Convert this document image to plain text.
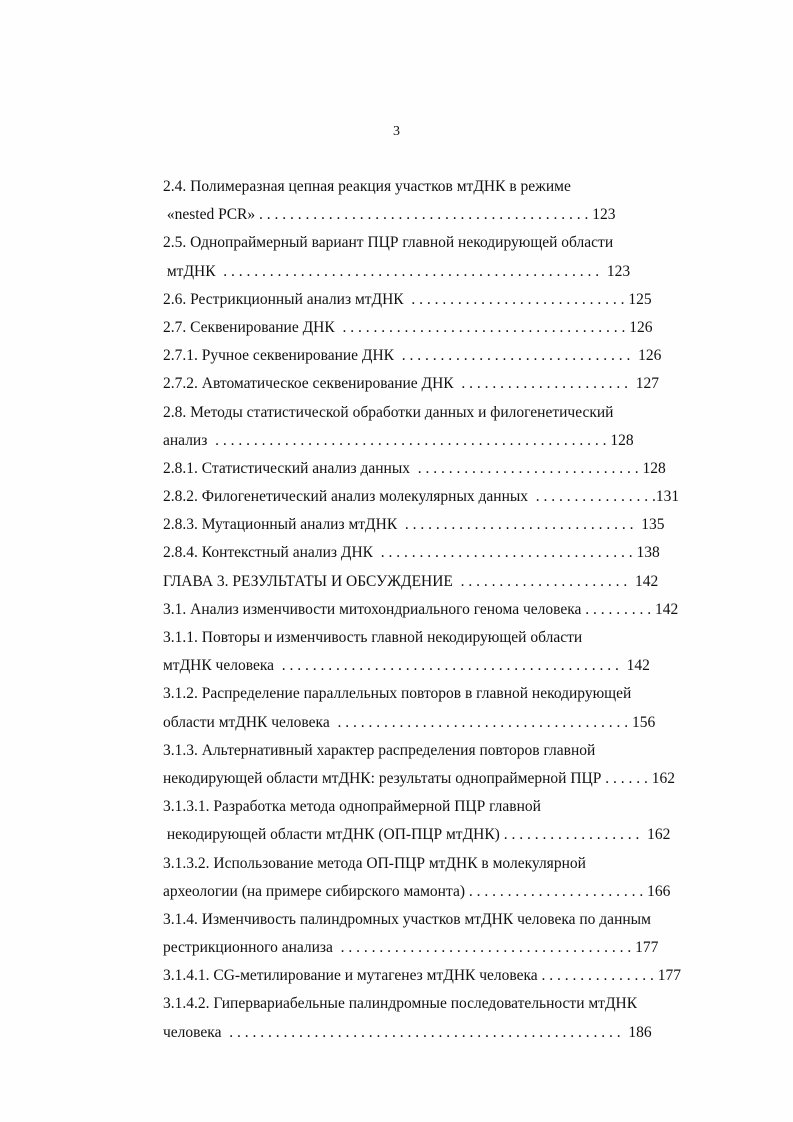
3
2.4. Полимеразная цепная реакция участков мтДНК в режиме
«nested PCR» . . . . . . . . . . . . . . . . . . . . . . . . . . . . . . . . . . . . . . . . . . . 123
2.5. Однопраймерный вариант ПЦР главной некодирующей области
мтДНК  . . . . . . . . . . . . . . . . . . . . . . . . . . . . . . . . . . . . . . . . . . . . . . . . .  123
2.6. Рестрикционный анализ мтДНК  . . . . . . . . . . . . . . . . . . . . . . . . . . . . 125
2.7. Секвенирование ДНК  . . . . . . . . . . . . . . . . . . . . . . . . . . . . . . . . . . . . . 126
2.7.1. Ручное секвенирование ДНК  . . . . . . . . . . . . . . . . . . . . . . . . . . . . . .  126
2.7.2. Автоматическое секвенирование ДНК  . . . . . . . . . . . . . . . . . . . . . .  127
2.8. Методы статистической обработки данных и филогенетический
анализ  . . . . . . . . . . . . . . . . . . . . . . . . . . . . . . . . . . . . . . . . . . . . . . . . . . . 128
2.8.1. Статистический анализ данных  . . . . . . . . . . . . . . . . . . . . . . . . . . . . . 128
2.8.2. Филогенетический анализ молекулярных данных  . . . . . . . . . . . . . . . .131
2.8.3. Мутационный анализ мтДНК  . . . . . . . . . . . . . . . . . . . . . . . . . . . . . .  135
2.8.4. Контекстный анализ ДНК  . . . . . . . . . . . . . . . . . . . . . . . . . . . . . . . . . 138
ГЛАВА 3. РЕЗУЛЬТАТЫ И ОБСУЖДЕНИЕ  . . . . . . . . . . . . . . . . . . . . . .  142
3.1. Анализ изменчивости митохондриального генома человека . . . . . . . . . 142
3.1.1. Повторы и изменчивость главной некодирующей области
мтДНК человека  . . . . . . . . . . . . . . . . . . . . . . . . . . . . . . . . . . . . . . . . . . . .  142
3.1.2. Распределение параллельных повторов в главной некодирующей
области мтДНК человека  . . . . . . . . . . . . . . . . . . . . . . . . . . . . . . . . . . . . . . 156
3.1.3. Альтернативный характер распределения повторов главной
некодирующей области мтДНК: результаты однопраймерной ПЦР . . . . . . 162
3.1.3.1. Разработка метода однопраймерной ПЦР главной
некодирующей области мтДНК (ОП-ПЦР мтДНК) . . . . . . . . . . . . . . . . . .  162
3.1.3.2. Использование метода ОП-ПЦР мтДНК в молекулярной
археологии (на примере сибирского мамонта) . . . . . . . . . . . . . . . . . . . . . . . 166
3.1.4. Изменчивость палиндромных участков мтДНК человека по данным
рестрикционного анализа  . . . . . . . . . . . . . . . . . . . . . . . . . . . . . . . . . . . . . . 177
3.1.4.1. CG-метилирование и мутагенез мтДНК человека . . . . . . . . . . . . . . . 177
3.1.4.2. Гипервариабельные палиндромные последовательности мтДНК
человека  . . . . . . . . . . . . . . . . . . . . . . . . . . . . . . . . . . . . . . . . . . . . . . . . . . .  186
